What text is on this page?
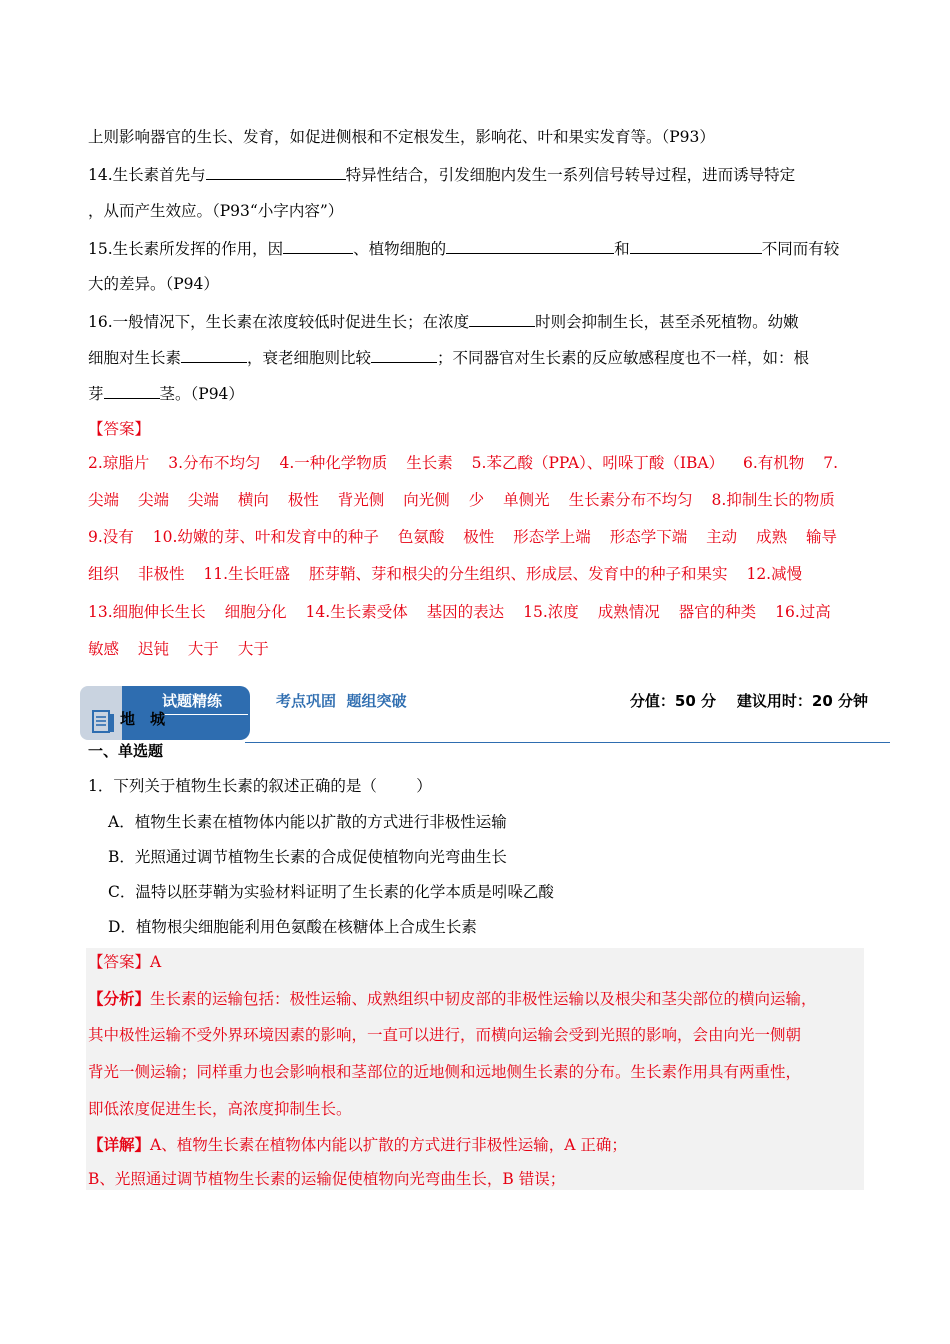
上则影响器官的生长、发育，如促进侧根和不定根发生，影响花、叶和果实发育等。（P93）
14.生长素首先与	特异性结合，引发细胞内发生一系列信号转导过程，进而诱导特定
，从而产生效应。（P93“小字内容”）
15.生长素所发挥的作用，因	、植物细胞的	和	不同而有较
大的差异。（P94）
16.一般情况下，生长素在浓度较低时促进生长；在浓度	时则会抑制生长，甚至杀死植物。幼嫩
细胞对生长素	，衰老细胞则比较	；不同器官对生长素的反应敏感程度也不一样，如：根
芽	茎。（P94）
【答案】
2.琼脂片 3.分布不均匀 4.一种化学物质 生长素 5.苯乙酸（PPA）、吲哚丁酸（IBA） 6.有机物 7.
尖端 尖端 尖端 横向 极性 背光侧 向光侧 少 单侧光 生长素分布不均匀 8.抑制生长的物质
9.没有 10.幼嫩的芽、叶和发育中的种子 色氨酸 极性 形态学上端 形态学下端 主动 成熟 输导
组织 非极性 11.生长旺盛 胚芽鞘、芽和根尖的分生组织、形成层、发育中的种子和果实 12.减慢
13.细胞伸长生长 细胞分化 14.生长素受体 基因的表达 15.浓度 成熟情况 器官的种类 16.过高
敏感 迟钝 大于 大于
试题精练
地 城
考点巩固  题组突破	分值：50 分    建议用时：20 分钟
一、单选题
1．下列关于植物生长素的叙述正确的是（        ）
A．植物生长素在植物体内能以扩散的方式进行非极性运输
B．光照通过调节植物生长素的合成促使植物向光弯曲生长
C．温特以胚芽鞘为实验材料证明了生长素的化学本质是吲哚乙酸
D．植物根尖细胞能利用色氨酸在核糖体上合成生长素
【答案】A
【分析】生长素的运输包括：极性运输、成熟组织中韧皮部的非极性运输以及根尖和茎尖部位的横向运输，
其中极性运输不受外界环境因素的影响，一直可以进行，而横向运输会受到光照的影响，会由向光一侧朝
背光一侧运输；同样重力也会影响根和茎部位的近地侧和远地侧生长素的分布。生长素作用具有两重性，
即低浓度促进生长，高浓度抑制生长。
【详解】A、植物生长素在植物体内能以扩散的方式进行非极性运输，A 正确；
B、光照通过调节植物生长素的运输促使植物向光弯曲生长，B 错误；
